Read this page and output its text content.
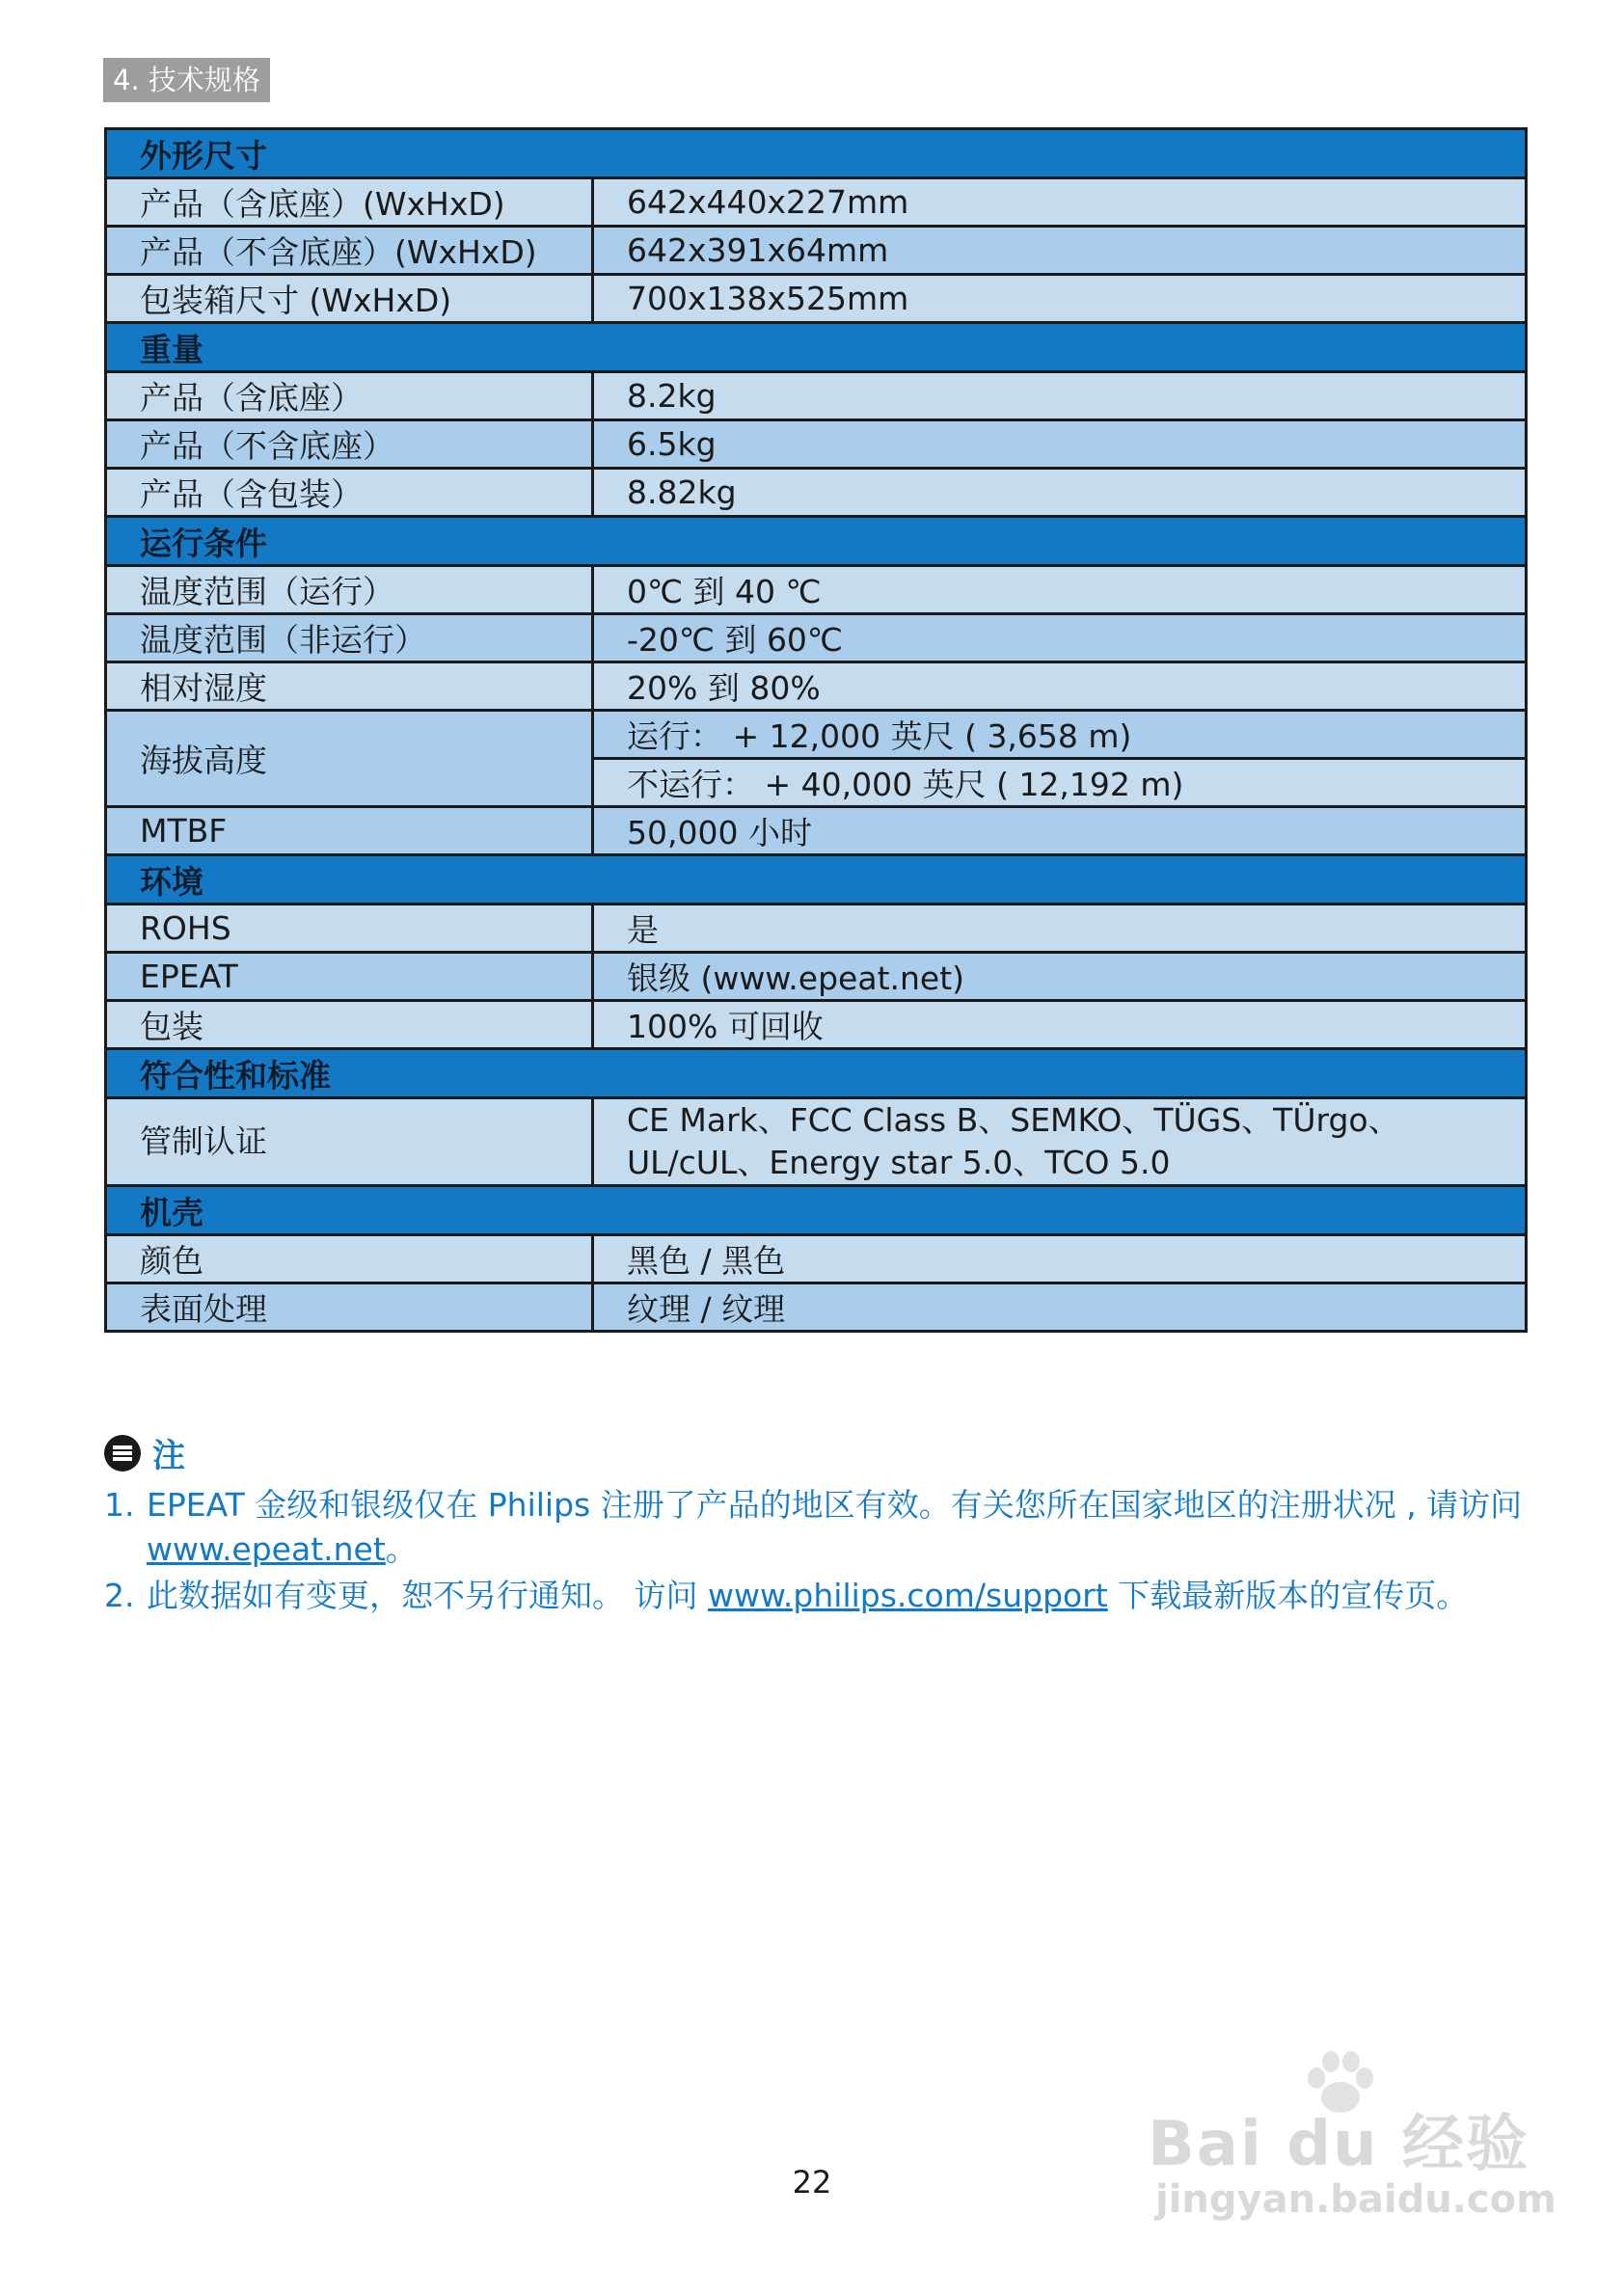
4. 技术规格
外形尺寸	
产品（含底座）(WxHxD)	642x440x227mm
产品（不含底座）(WxHxD)	642x391x64mm
包装箱尺寸 (WxHxD)	700x138x525mm
重量	
产品（含底座）	8.2kg
产品（不含底座）	6.5kg
产品（含包装）	8.82kg
运行条件	
温度范围（运行）	0℃ 到 40 ℃
温度范围（非运行）	-20℃ 到 60℃
相对湿度	20% 到 80%
海拔高度	运行： + 12,000 英尺 ( 3,658 m)
	不运行： + 40,000 英尺 ( 12,192 m)
MTBF	50,000 小时
环境	
ROHS	是
EPEAT	银级 (www.epeat.net)
包装	100% 可回收
符合性和标准	
管制认证	CE Mark、FCC Class B、SEMKO、TÜGS、TÜrgo、UL/cUL、Energy star 5.0、TCO 5.0
机壳	
颜色	黑色 / 黑色
表面处理	纹理 / 纹理
注
1. EPEAT 金级和银级仅在 Philips 注册了产品的地区有效。有关您所在国家地区的注册状况 , 请访问 www.epeat.net。
2. 此数据如有变更，恕不另行通知。 访问 www.philips.com/support 下载最新版本的宣传页。
22
Bai du 经验
jingyan.baidu.com
